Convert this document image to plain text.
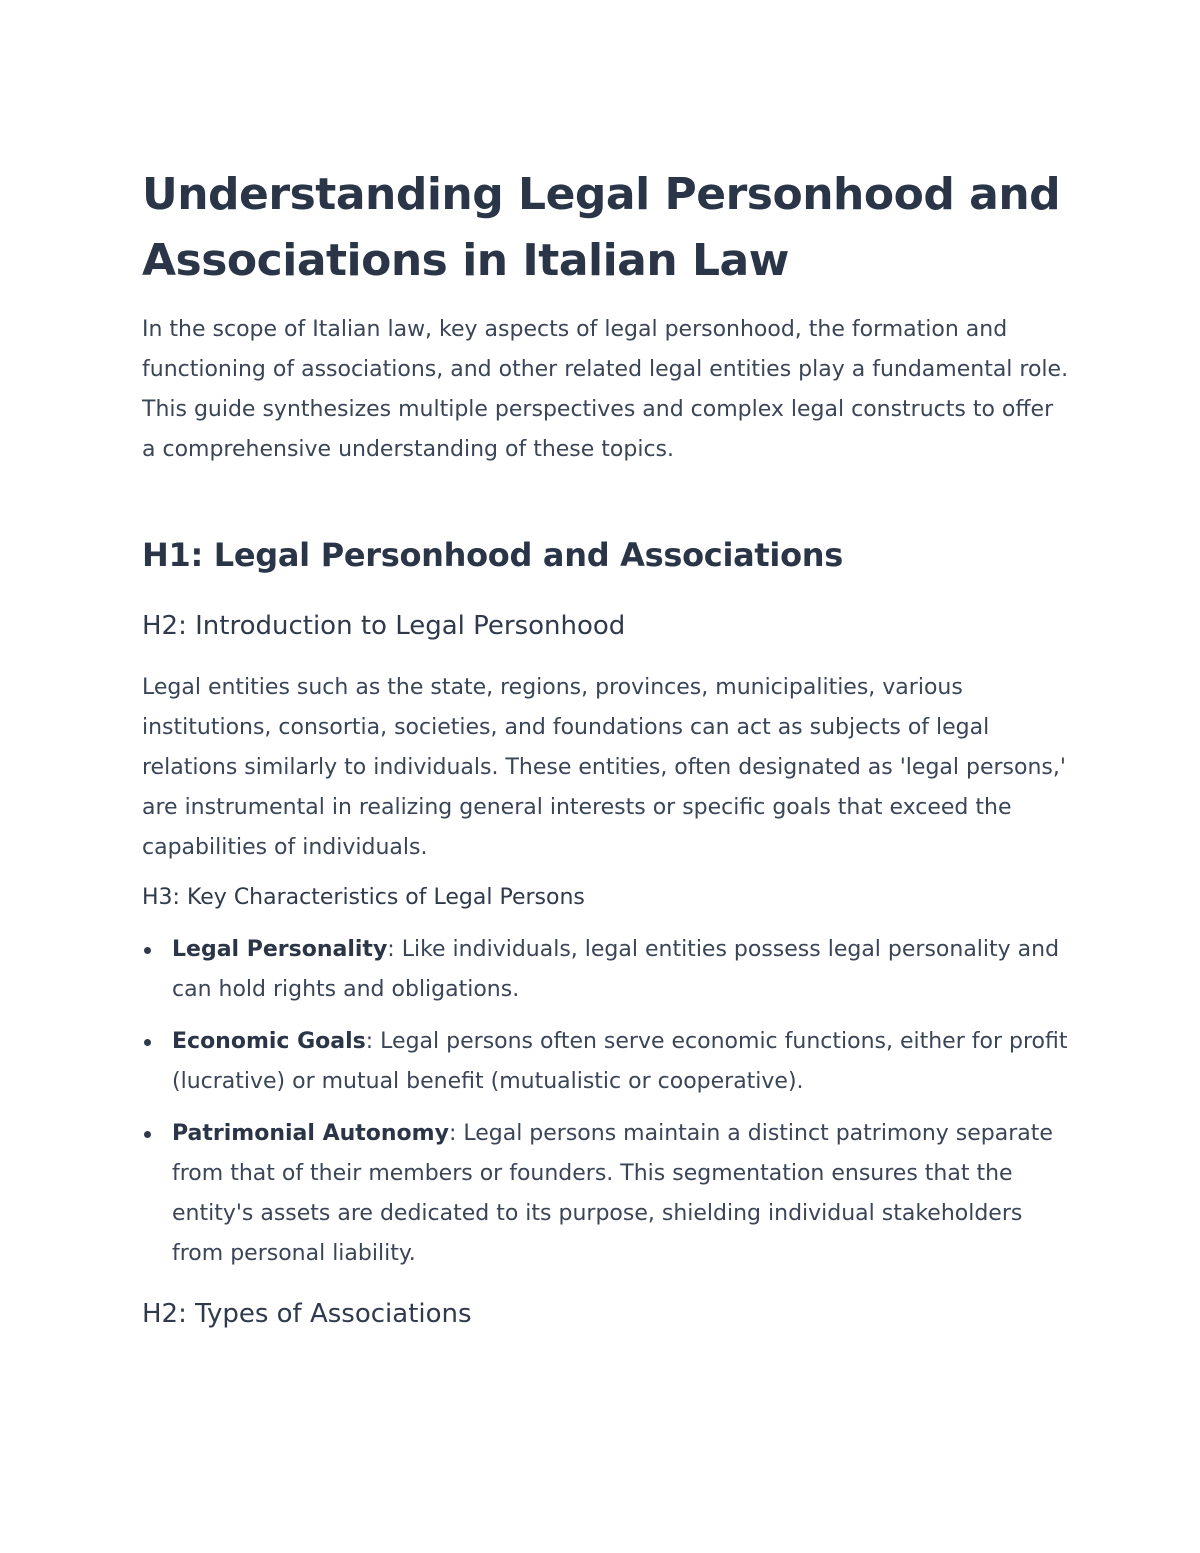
Understanding Legal Personhood and Associations in Italian Law

In the scope of Italian law, key aspects of legal personhood, the formation and functioning of associations, and other related legal entities play a fundamental role. This guide synthesizes multiple perspectives and complex legal constructs to offer a comprehensive understanding of these topics.

H1: Legal Personhood and Associations
H2: Introduction to Legal Personhood

Legal entities such as the state, regions, provinces, municipalities, various institutions, consortia, societies, and foundations can act as subjects of legal relations similarly to individuals. These entities, often designated as 'legal persons,' are instrumental in realizing general interests or specific goals that exceed the capabilities of individuals.

H3: Key Characteristics of Legal Persons
Legal Personality: Like individuals, legal entities possess legal personality and can hold rights and obligations.
Economic Goals: Legal persons often serve economic functions, either for profit (lucrative) or mutual benefit (mutualistic or cooperative).
Patrimonial Autonomy: Legal persons maintain a distinct patrimony separate from that of their members or founders. This segmentation ensures that the entity's assets are dedicated to its purpose, shielding individual stakeholders from personal liability.
H2: Types of Associations
